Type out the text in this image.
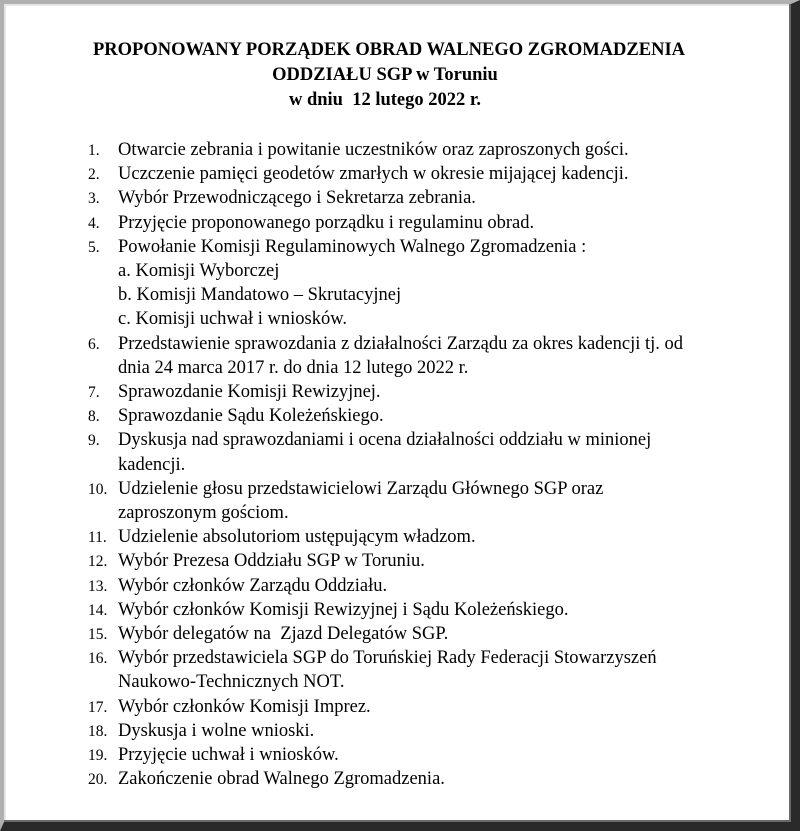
PROPONOWANY PORZĄDEK OBRAD WALNEGO ZGROMADZENIA
ODDZIAŁU SGP w Toruniu
w dniu  12 lutego 2022 r.
1. Otwarcie zebrania i powitanie uczestników oraz zaproszonych gości.
2. Uczczenie pamięci geodetów zmarłych w okresie mijającej kadencji.
3. Wybór Przewodniczącego i Sekretarza zebrania.
4. Przyjęcie proponowanego porządku i regulaminu obrad.
5. Powołanie Komisji Regulaminowych Walnego Zgromadzenia :
a. Komisji Wyborczej
b. Komisji Mandatowo – Skrutacyjnej
c. Komisji uchwał i wniosków.
6. Przedstawienie sprawozdania z działalności Zarządu za okres kadencji tj. od
dnia 24 marca 2017 r. do dnia 12 lutego 2022 r.
7. Sprawozdanie Komisji Rewizyjnej.
8. Sprawozdanie Sądu Koleżeńskiego.
9. Dyskusja nad sprawozdaniami i ocena działalności oddziału w minionej
kadencji.
10. Udzielenie głosu przedstawicielowi Zarządu Głównego SGP oraz
zaproszonym gościom.
11. Udzielenie absolutoriom ustępującym władzom.
12. Wybór Prezesa Oddziału SGP w Toruniu.
13. Wybór członków Zarządu Oddziału.
14. Wybór członków Komisji Rewizyjnej i Sądu Koleżeńskiego.
15. Wybór delegatów na  Zjazd Delegatów SGP.
16. Wybór przedstawiciela SGP do Toruńskiej Rady Federacji Stowarzyszeń
Naukowo-Technicznych NOT.
17. Wybór członków Komisji Imprez.
18. Dyskusja i wolne wnioski.
19. Przyjęcie uchwał i wniosków.
20. Zakończenie obrad Walnego Zgromadzenia.
